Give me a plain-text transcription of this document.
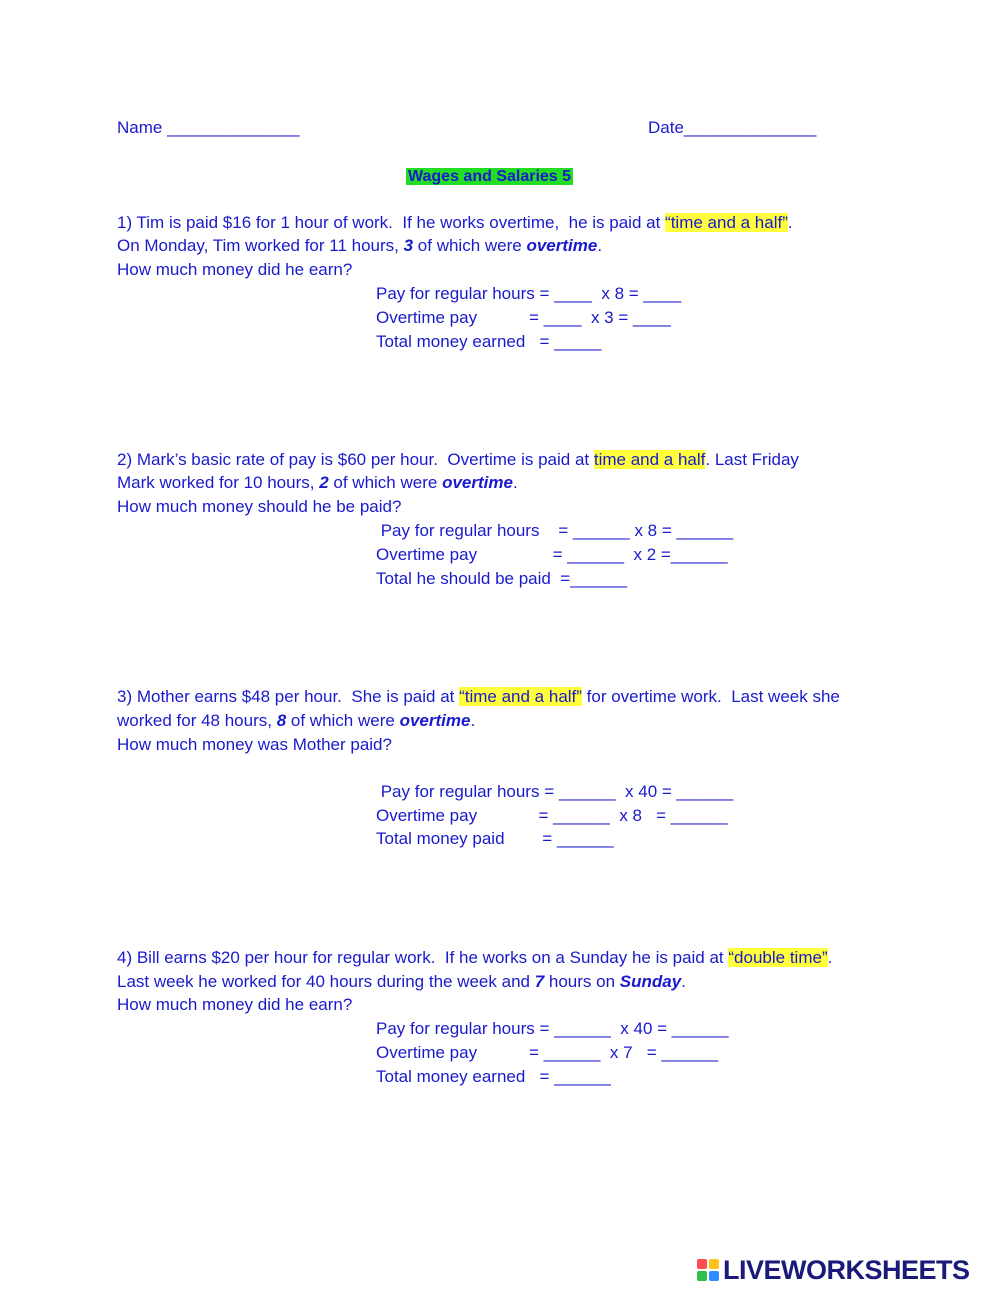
Name ______________	Date______________
Wages and Salaries 5
1) Tim is paid $16 for 1 hour of work.  If he works overtime,  he is paid at “time and a half”.
On Monday, Tim worked for 11 hours, 3 of which were overtime.
How much money did he earn?
Pay for regular hours = ____  x 8 = ____
Overtime pay           = ____  x 3 = ____
Total money earned   = _____
2) Mark’s basic rate of pay is $60 per hour.  Overtime is paid at time and a half. Last Friday
Mark worked for 10 hours, 2 of which were overtime.
How much money should he be paid?
Pay for regular hours    = ______ x 8 = ______
Overtime pay                = ______  x 2 =______
Total he should be paid  =______
3) Mother earns $48 per hour.  She is paid at “time and a half” for overtime work.  Last week she
worked for 48 hours, 8 of which were overtime.
How much money was Mother paid?
Pay for regular hours = ______  x 40 = ______
Overtime pay             = ______  x 8   = ______
Total money paid        = ______
4) Bill earns $20 per hour for regular work.  If he works on a Sunday he is paid at “double time”.
Last week he worked for 40 hours during the week and 7 hours on Sunday.
How much money did he earn?
Pay for regular hours = ______  x 40 = ______
Overtime pay           = ______  x 7   = ______
Total money earned   = ______
LIVEWORKSHEETS
